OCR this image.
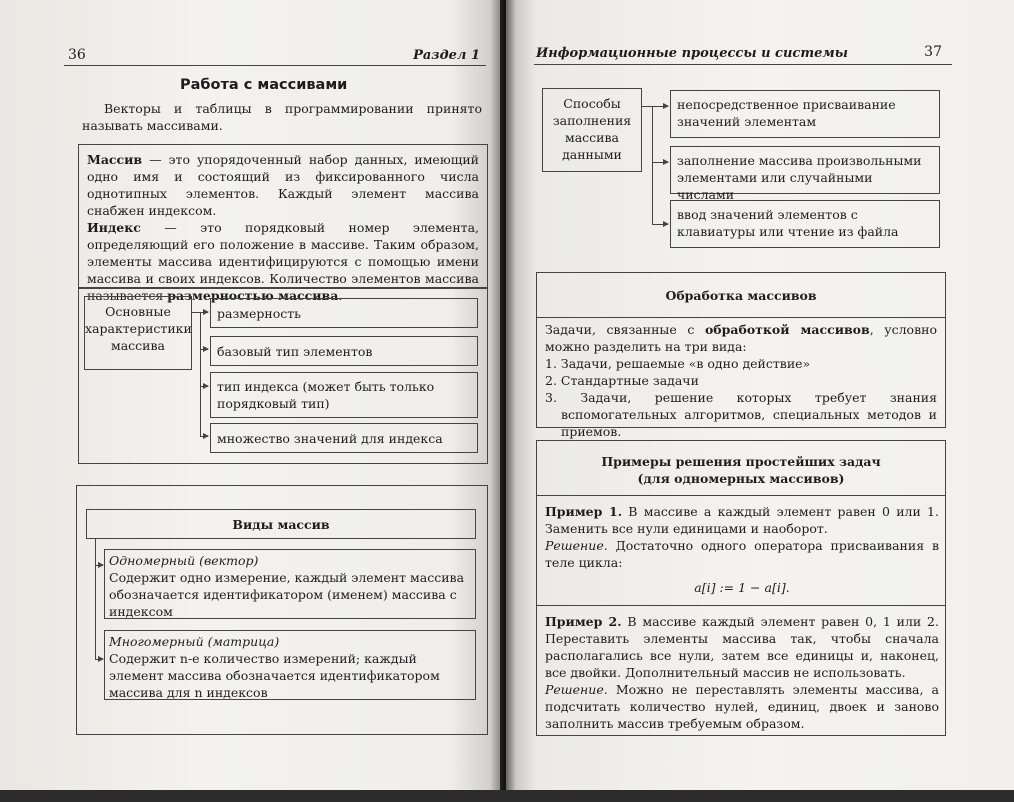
36	Раздел 1
Работа с массивами
Векторы и таблицы в программировании принято называть массивами.
Массив — это упорядоченный набор данных, имеющий одно имя и состоящий из фиксированного числа однотипных элементов. Каждый элемент массива снабжен индексом.
Индекс — это порядковый номер элемента, определяющий его положение в массиве. Таким образом, элементы массива идентифицируются с помощью имени массива и своих индексов. Количество элементов массива называется размерностью массива.
Основные характеристики массива
размерность
базовый тип элементов
тип индекса (может быть только порядковый тип)
множество значений для индекса
Виды массив
Одномерный (вектор)
Содержит одно измерение, каждый элемент массива обозначается идентификатором (именем) массива с индексом
Многомерный (матрица)
Содержит n-е количество измерений; каждый элемент массива обозначается идентификатором массива для n индексов
Информационные процессы и системы	37
Способы заполнения массива данными
непосредственное присваивание значений элементам
заполнение массива произвольными элементами или случайными числами
ввод значений элементов с клавиатуры или чтение из файла
Обработка массивов
Задачи, связанные с обработкой массивов, условно можно разделить на три вида:
1. Задачи, решаемые «в одно действие»
2. Стандартные задачи
3. Задачи, решение которых требует знания вспомогательных алгоритмов, специальных методов и приемов.
Примеры решения простейших задач
(для одномерных массивов)
Пример 1. В массиве a каждый элемент равен 0 или 1. Заменить все нули единицами и наоборот.
Решение. Достаточно одного оператора присваивания в теле цикла:
a[i] := 1 − a[i].
Пример 2. В массиве каждый элемент равен 0, 1 или 2. Переставить элементы массива так, чтобы сначала располагались все нули, затем все единицы и, наконец, все двойки. Дополнительный массив не использовать.
Решение. Можно не переставлять элементы массива, а подсчитать количество нулей, единиц, двоек и заново заполнить массив требуемым образом.
